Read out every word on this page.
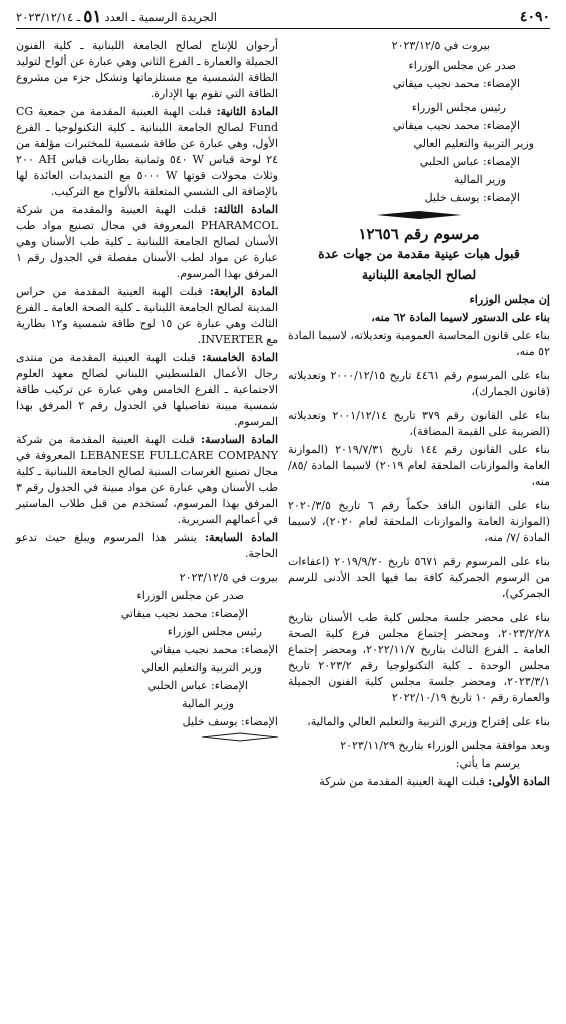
٤٠٩٠
الجريدة الرسمية ـ العدد
٥١
ـ ٢٠٢٣/١٢/١٤

بيروت في ٢٠٢٣/١٢/٥

صدر عن مجلس الوزراء

الإمضاء: محمد نجيب ميقاتي

رئيس مجلس الوزراء

الإمضاء: محمد نجيب ميقاتي

وزير التربية والتعليم العالي

الإمضاء: عباس الحلبي

وزير المالية

الإمضاء: يوسف خليل

مرسوم رقم ١٢٦٥٦

قبول هبات عينية مقدمة من جهات عدة

لصالح الجامعة اللبنانية

إن مجلس الوزراء

بناء على الدستور لاسيما المادة ٦٢ منه،

بناء على قانون المحاسبة العمومية وتعديلاته، لاسيما المادة ٥٢ منه،

بناء على المرسوم رقم ٤٤٦١ تاريخ ٢٠٠٠/١٢/١٥ وتعديلاته (قانون الجمارك)،

بناء على القانون رقم ٣٧٩ تاريخ ٢٠٠١/١٢/١٤ وتعديلاته (الضريبة على القيمة المضافة)،

بناء على القانون رقم ١٤٤ تاريخ ٢٠١٩/٧/٣١ (الموازنة العامة والموازنات الملحقة لعام ٢٠١٩) لاسيما المادة /٨٥/ منه،

بناء على القانون النافذ حكماً رقم ٦ تاريخ ٢٠٢٠/٣/٥ (الموازنة العامة والموازنات الملحقة لعام ٢٠٢٠)، لاسيما المادة /٧/ منه،

بناء على المرسوم رقم ٥٦٧١ تاريخ ٢٠١٩/٩/٢٠ (اعفاءات من الرسوم الجمركية كافة بما فيها الحد الأدنى للرسم الجمركي)،

بناء على محضر جلسة مجلس كلية طب الأسنان بتاريخ ٢٠٢٣/٢/٢٨، ومحضر إجتماع مجلس فرع كلية الصحة العامة ـ الفرع الثالث بتاريخ ٢٠٢٢/١١/٧، ومحضر إجتماع مجلس الوحدة ـ كلية التكنولوجيا رقم ٢٠٢٣/٢ تاريخ ٢٠٢٣/٣/١، ومحضر جلسة مجلس كلية الفنون الجميلة والعمارة رقم ١٠ تاريخ ٢٠٢٢/١٠/١٩

بناء على إقتراح وزيري التربية والتعليم العالي والمالية،

وبعد موافقة مجلس الوزراء بتاريخ ٢٠٢٣/١١/٢٩

يرسم ما يأتي:

المادة الأولى: قبلت الهبة العينية المقدمة من شركة

أرجوان للإنتاج لصالح الجامعة اللبنانية ـ كلية الفنون الجميلة والعمارة ـ الفرع الثاني وهي عبارة عن ألواح لتوليد الطاقة الشمسية مع مستلزماتها وتشكل جزء من مشروع الطاقة التي تقوم بها الإدارة.

المادة الثانية: قبلت الهبة العينية المقدمة من جمعية CG Fund لصالح الجامعة اللبنانية ـ كلية التكنولوجيا ـ الفرع الأول، وهي عبارة عن طاقة شمسية للمختبرات مؤلفة من ٢٤ لوحة قياس W ٥٤٠ وثمانية بطاريات قياس AH ٢٠٠ وثلاث محولات قوتها W ٥٠٠٠ مع التمديدات العائدة لها بالإضافة الى الشسي المتعلقة بالألواح مع التركيب.

المادة الثالثة: قبلت الهبة العينية والمقدمة من شركة PHARAMCOL المعروفة في مجال تصنيع مواد طب الأسنان لصالح الجامعة اللبنانية ـ كلية طب الأسنان وهي عبارة عن مواد لطب الأسنان مفصلة في الجدول رقم ١ المرفق بهذا المرسوم.

المادة الرابعة: قبلت الهبة العينية المقدمة من حراس المدينة لصالح الجامعة اللبنانية ـ كلية الصحة العامة ـ الفرع الثالث وهي عبارة عن ١٥ لوح طاقة شمسية و١٢ بطارية مع INVERTER.

المادة الخامسة: قبلت الهبة العينية المقدمة من منتدى رجال الأعمال الفلسطيني اللبناني لصالح معهد العلوم الاجتماعية ـ الفرع الخامس وهي عبارة عن تركيب طاقة شمسية مبينة تفاصيلها في الجدول رقم ٢ المرفق بهذا المرسوم.

المادة السادسة: قبلت الهبة العينية المقدمة من شركة LEBANESE FULLCARE COMPANY المعروفة في مجال تصنيع الغرسات السنية لصالح الجامعة اللبنانية ـ كلية طب الأسنان وهي عبارة عن مواد مبينة في الجدول رقم ٣ المرفق بهذا المرسوم، تُستخدم من قبل طلاب الماستير في أعمالهم السريرية.

المادة السابعة: ينشر هذا المرسوم ويبلغ حيث تدعو الحاجة.

بيروت في ٢٠٢٣/١٢/٥

صدر عن مجلس الوزراء

الإمضاء: محمد نجيب ميقاتي

رئيس مجلس الوزراء

الإمضاء: محمد نجيب ميقاتي

وزير التربية والتعليم العالي

الإمضاء: عباس الحلبي

وزير المالية

الإمضاء: يوسف خليل
